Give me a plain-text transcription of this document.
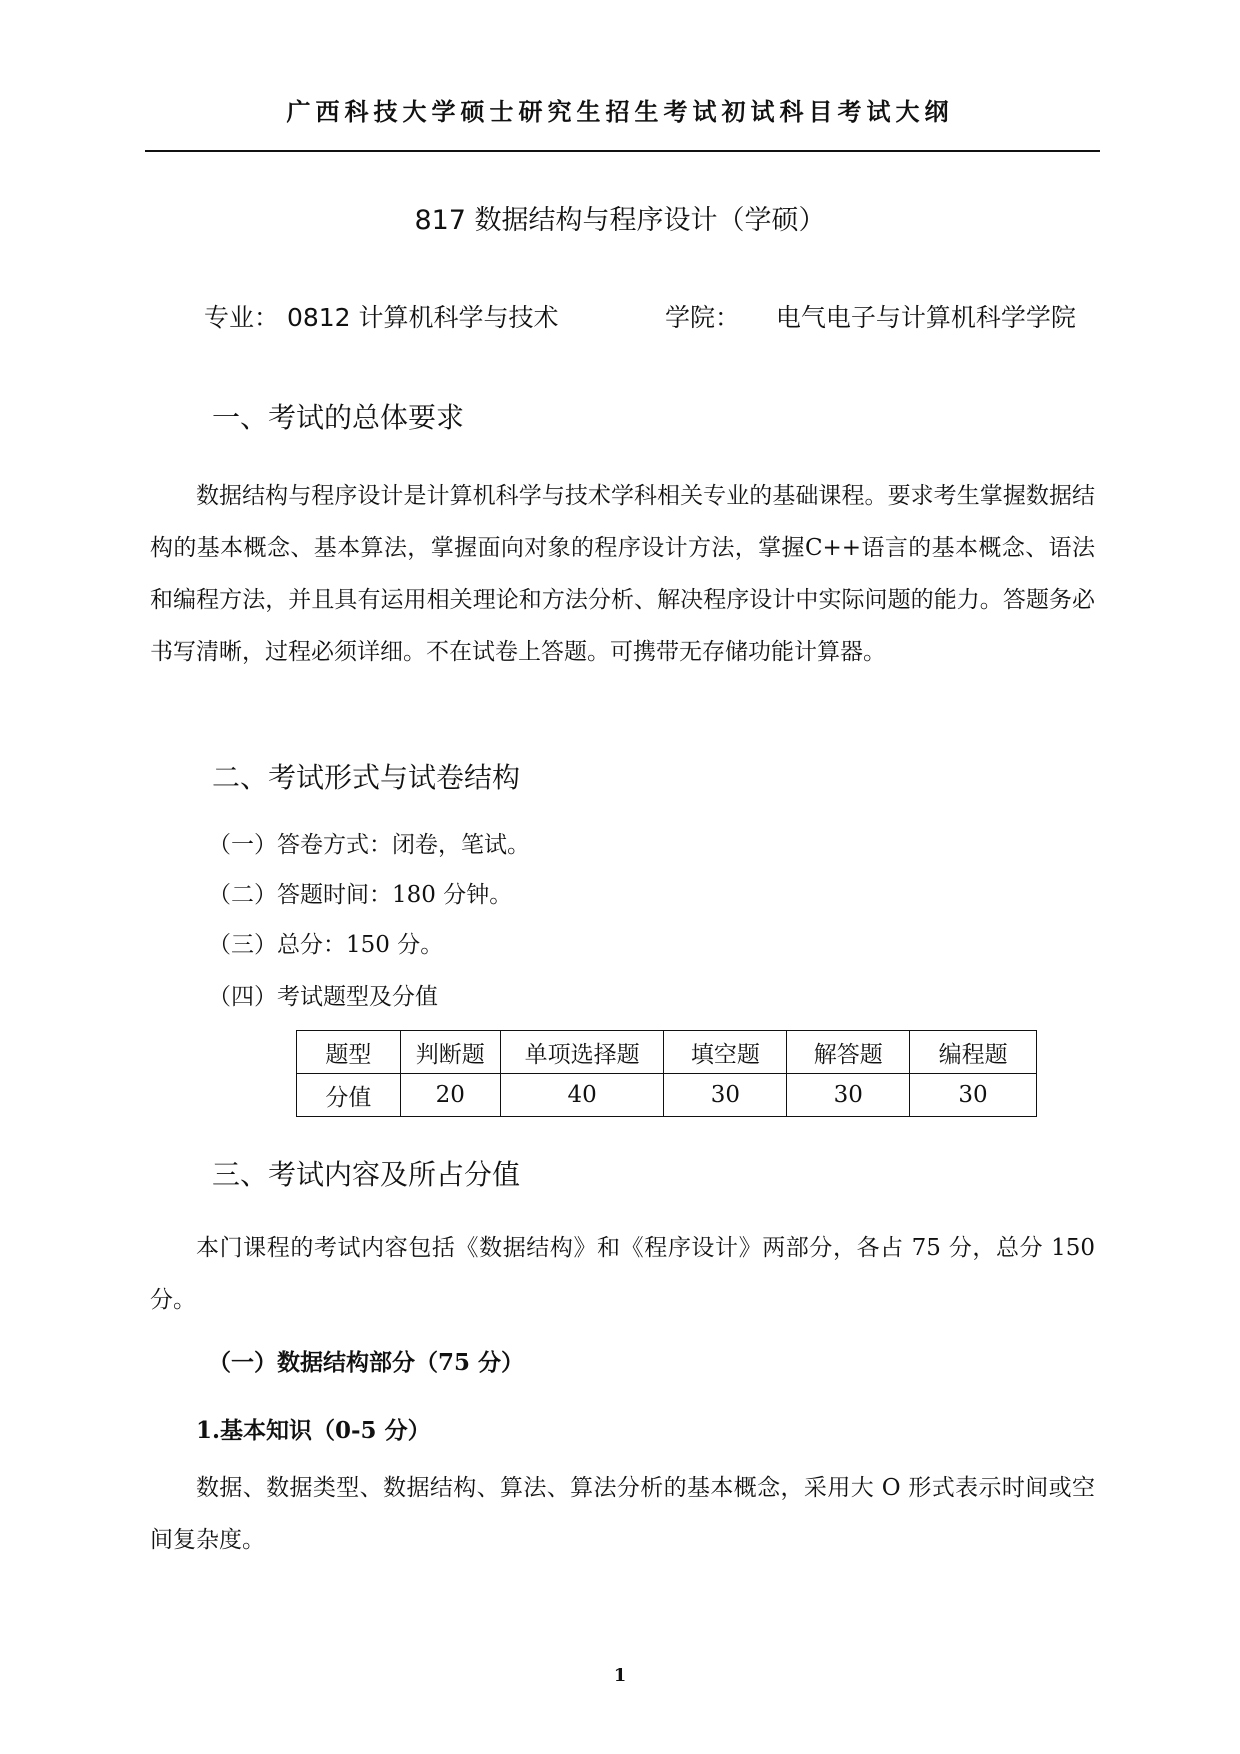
广西科技大学硕士研究生招生考试初试科目考试大纲
817 数据结构与程序设计（学硕）
专业： 0812 计算机科学与技术	学院： 电气电子与计算机科学学院
一、考试的总体要求
数据结构与程序设计是计算机科学与技术学科相关专业的基础课程。要求考生掌握数据结构的基本概念、基本算法，掌握面向对象的程序设计方法，掌握C++语言的基本概念、语法和编程方法，并且具有运用相关理论和方法分析、解决程序设计中实际问题的能力。答题务必书写清晰，过程必须详细。不在试卷上答题。可携带无存储功能计算器。
二、考试形式与试卷结构
（一）答卷方式：闭卷，笔试。
（二）答题时间：180 分钟。
（三）总分：150 分。
（四）考试题型及分值
题型	判断题	单项选择题	填空题	解答题	编程题
分值	20	40	30	30	30
三、考试内容及所占分值
本门课程的考试内容包括《数据结构》和《程序设计》两部分，各占 75 分，总分 150 分。
（一）数据结构部分（75 分）
1.基本知识（0-5 分）
数据、数据类型、数据结构、算法、算法分析的基本概念，采用大 O 形式表示时间或空间复杂度。
1
